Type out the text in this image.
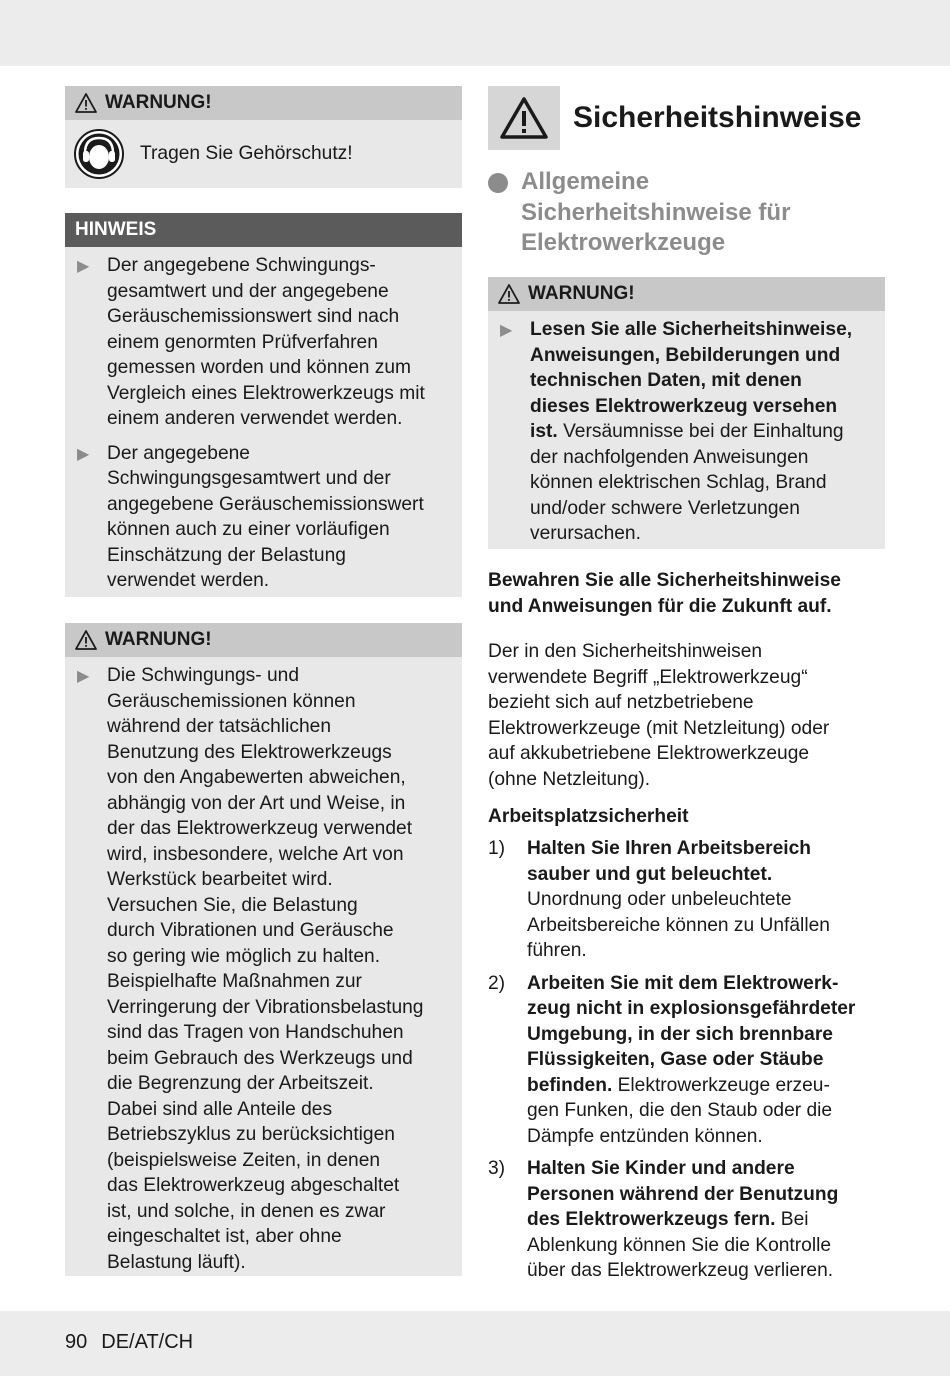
WARNUNG!
Tragen Sie Gehörschutz!
HINWEIS
▶ Der angegebene Schwingungs-
gesamtwert und der angegebene
Geräuschemissionswert sind nach
einem genormten Prüfverfahren
gemessen worden und können zum
Vergleich eines Elektrowerkzeugs mit
einem anderen verwendet werden.
▶ Der angegebene
Schwingungsgesamtwert und der
angegebene Geräuschemissionswert
können auch zu einer vorläufigen
Einschätzung der Belastung
verwendet werden.
WARNUNG!
▶ Die Schwingungs- und
Geräuschemissionen können
während der tatsächlichen
Benutzung des Elektrowerkzeugs
von den Angabewerten abweichen,
abhängig von der Art und Weise, in
der das Elektrowerkzeug verwendet
wird, insbesondere, welche Art von
Werkstück bearbeitet wird.
Versuchen Sie, die Belastung
durch Vibrationen und Geräusche
so gering wie möglich zu halten.
Beispielhafte Maßnahmen zur
Verringerung der Vibrationsbelastung
sind das Tragen von Handschuhen
beim Gebrauch des Werkzeugs und
die Begrenzung der Arbeitszeit.
Dabei sind alle Anteile des
Betriebszyklus zu berücksichtigen
(beispielsweise Zeiten, in denen
das Elektrowerkzeug abgeschaltet
ist, und solche, in denen es zwar
eingeschaltet ist, aber ohne
Belastung läuft).
Sicherheitshinweise
Allgemeine
Sicherheitshinweise für
Elektrowerkzeuge
WARNUNG!
▶ Lesen Sie alle Sicherheitshinweise,
Anweisungen, Bebilderungen und
technischen Daten, mit denen
dieses Elektrowerkzeug versehen
ist. Versäumnisse bei der Einhaltung
der nachfolgenden Anweisungen
können elektrischen Schlag, Brand
und/oder schwere Verletzungen
verursachen.
Bewahren Sie alle Sicherheitshinweise
und Anweisungen für die Zukunft auf.
Der in den Sicherheitshinweisen
verwendete Begriff „Elektrowerkzeug“
bezieht sich auf netzbetriebene
Elektrowerkzeuge (mit Netzleitung) oder
auf akkubetriebene Elektrowerkzeuge
(ohne Netzleitung).
Arbeitsplatzsicherheit
1)	Halten Sie Ihren Arbeitsbereich
sauber und gut beleuchtet.
Unordnung oder unbeleuchtete
Arbeitsbereiche können zu Unfällen
führen.
2)	Arbeiten Sie mit dem Elektrowerk-
zeug nicht in explosionsgefährdeter
Umgebung, in der sich brennbare
Flüssigkeiten, Gase oder Stäube
befinden. Elektrowerkzeuge erzeu-
gen Funken, die den Staub oder die
Dämpfe entzünden können.
3)	Halten Sie Kinder und andere
Personen während der Benutzung
des Elektrowerkzeugs fern. Bei
Ablenkung können Sie die Kontrolle
über das Elektrowerkzeug verlieren.
90 DE/AT/CH
